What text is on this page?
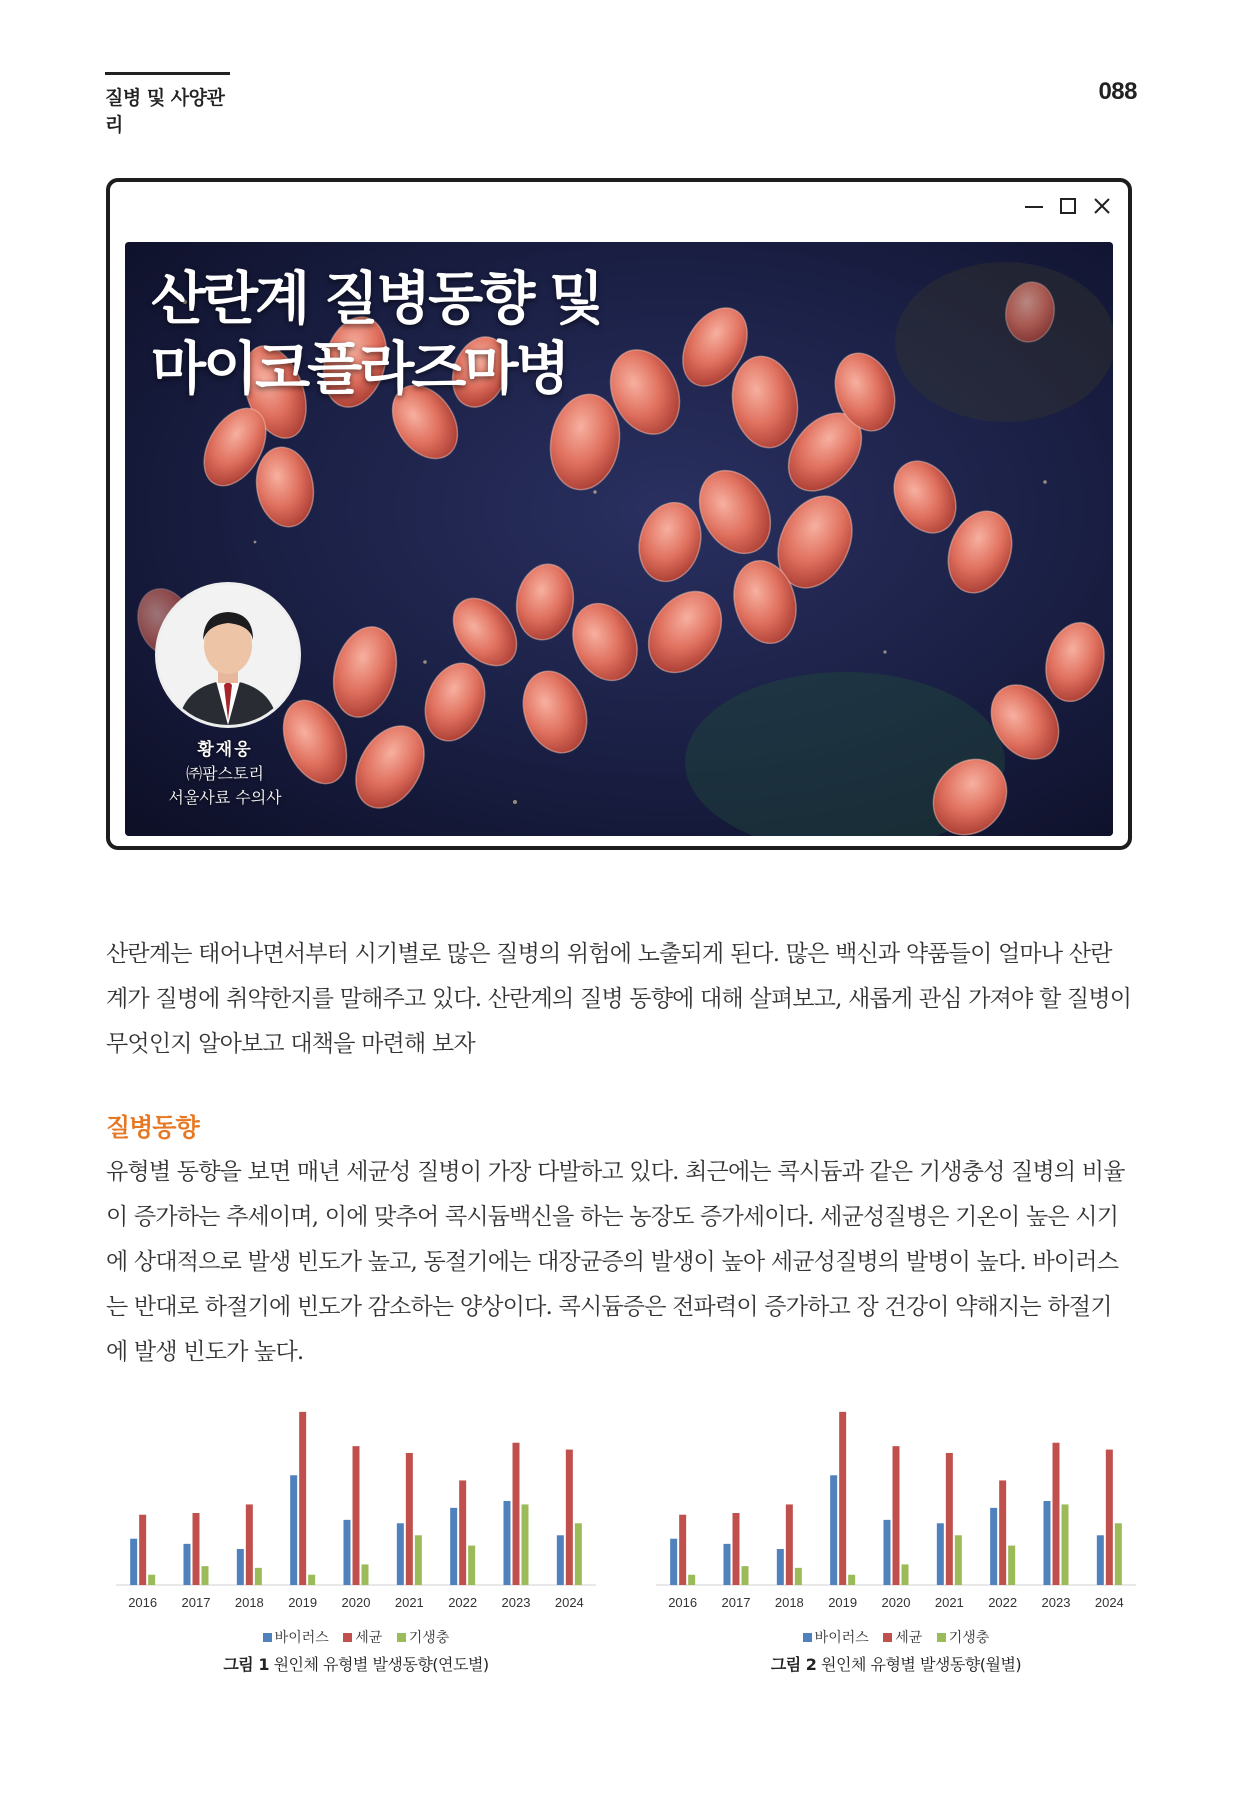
질병 및 사양관리
088
산란계 질병동향 및
마이코플라즈마병
황재웅
㈜팜스토리
서울사료 수의사

산란계는 태어나면서부터 시기별로 많은 질병의 위험에 노출되게 된다. 많은 백신과 약품들이 얼마나 산란계가 질병에 취약한지를 말해주고 있다. 산란계의 질병 동향에 대해 살펴보고, 새롭게 관심 가져야 할 질병이 무엇인지 알아보고 대책을 마련해 보자

질병동향

유형별 동향을 보면 매년 세균성 질병이 가장 다발하고 있다. 최근에는 콕시듐과 같은 기생충성 질병의 비율이 증가하는 추세이며, 이에 맞추어 콕시듐백신을 하는 농장도 증가세이다. 세균성질병은 기온이 높은 시기에 상대적으로 발생 빈도가 높고, 동절기에는 대장균증의 발생이 높아 세균성질병의 발병이 높다. 바이러스는 반대로 하절기에 빈도가 감소하는 양상이다. 콕시듐증은 전파력이 증가하고 장 건강이 약해지는 하절기에 발생 빈도가 높다.

2016 2017 2018 2019 2020 2021 2022 2023 2024
바이러스 세균 기생충
그림 1 원인체 유형별 발생동향(연도별)
2016 2017 2018 2019 2020 2021 2022 2023 2024
바이러스 세균 기생충
그림 2 원인체 유형별 발생동향(월별)
